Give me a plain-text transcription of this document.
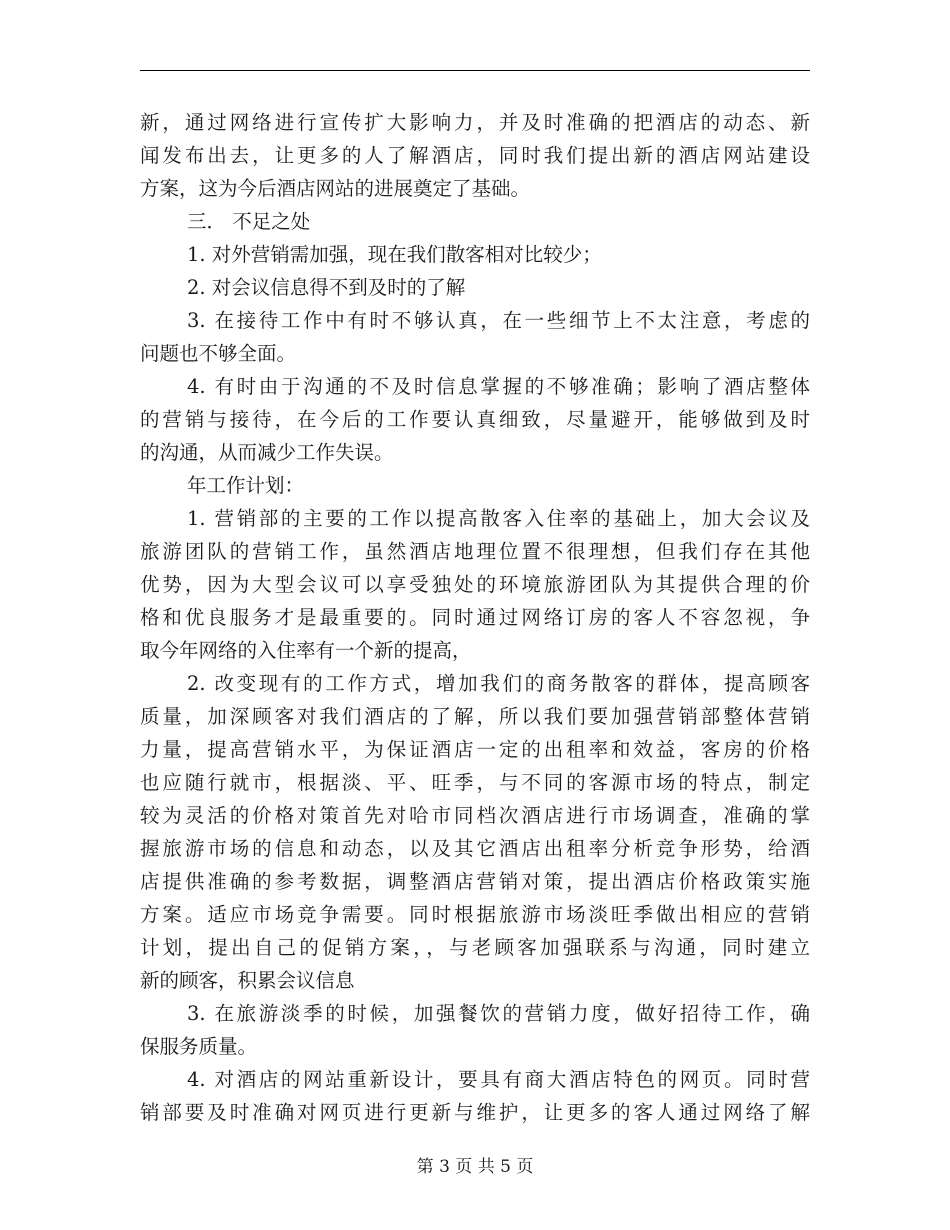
新，通过网络进行宣传扩大影响力，并及时准确的把酒店的动态、新
闻发布出去，让更多的人了解酒店，同时我们提出新的酒店网站建设
方案，这为今后酒店网站的进展奠定了基础。
三． 不足之处
1. 对外营销需加强，现在我们散客相对比较少；
2. 对会议信息得不到及时的了解
3. 在接待工作中有时不够认真，在一些细节上不太注意，考虑的
问题也不够全面。
4. 有时由于沟通的不及时信息掌握的不够准确；影响了酒店整体
的营销与接待，在今后的工作要认真细致，尽量避开，能够做到及时
的沟通，从而减少工作失误。
年工作计划：
1. 营销部的主要的工作以提高散客入住率的基础上，加大会议及
旅游团队的营销工作，虽然酒店地理位置不很理想，但我们存在其他
优势，因为大型会议可以享受独处的环境旅游团队为其提供合理的价
格和优良服务才是最重要的。同时通过网络订房的客人不容忽视，争
取今年网络的入住率有一个新的提高，
2. 改变现有的工作方式，增加我们的商务散客的群体，提高顾客
质量，加深顾客对我们酒店的了解，所以我们要加强营销部整体营销
力量，提高营销水平，为保证酒店一定的出租率和效益，客房的价格
也应随行就市，根据淡、平、旺季，与不同的客源市场的特点，制定
较为灵活的价格对策首先对哈市同档次酒店进行市场调查，准确的掌
握旅游市场的信息和动态，以及其它酒店出租率分析竞争形势，给酒
店提供准确的参考数据，调整酒店营销对策，提出酒店价格政策实施
方案。适应市场竞争需要。同时根据旅游市场淡旺季做出相应的营销
计划，提出自己的促销方案，，与老顾客加强联系与沟通，同时建立
新的顾客，积累会议信息
3. 在旅游淡季的时候，加强餐饮的营销力度，做好招待工作，确
保服务质量。
4. 对酒店的网站重新设计，要具有商大酒店特色的网页。同时营
销部要及时准确对网页进行更新与维护，让更多的客人通过网络了解
第 3 页 共 5 页
